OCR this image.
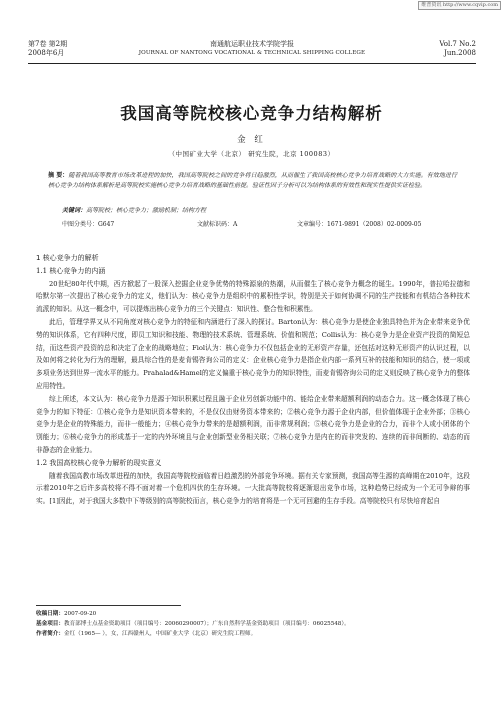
维普资讯 http://www.cqvip.com
第7卷 第2期
2008年6月
南通航运职业技术学院学报
JOURNAL OF NANTONG VOCATIONAL & TECHNICAL SHIPPING COLLEGE
Vol.7 No.2
Jun.2008
我国高等院校核心竞争力结构解析
金 红
（中国矿业大学（北京） 研究生院，北京 100083）
摘 要：随着我国高等教育市场改革进程的加快，我国高等院校之间的竞争将日趋激烈，从而催生了我国高校核心竞争力培育战略的大力实施。有效地进行核心竞争力结构体系解析是高等院校实施核心竞争力培育战略的基础性前提。验证性因子分析可以为结构体系的有效性和现实性提供实证检验。
关键词：高等院校；核心竞争力；激励机制；结构方程
中图分类号：G647	文献标识码：A	文章编号：1671-9891（2008）02-0009-05

1 核心竞争力的解析

1.1 核心竞争力的内涵

20世纪80年代中期，西方掀起了一股深入挖掘企业竞争优势的特殊源泉的热潮，从而催生了核心竞争力概念的诞生。1990年，普拉哈拉德和哈默尔第一次提出了核心竞争力的定义，他们认为：核心竞争力是组织中的累积性学识，特别是关于如何协调不同的生产技能和有机结合各种技术流派的知识。从这一概念中，可以提炼出核心竞争力的三个关键点：知识性、整合性和积累性。

此后，管理学界又从不同角度对核心竞争力的特征和内涵进行了深入的探讨。Barton认为：核心竞争力是使企业独具特色并为企业带来竞争优势的知识体系，它有四种尺度，即员工知识和技能、物理的技术系统、管理系统、价值和规范；Collis认为：核心竞争力是企业资产投资的简短总结，而这些资产投资的总和决定了企业的战略地位；Fiol认为：核心竞争力不仅包括企业的无形资产存量，还包括对这种无形资产的认识过程，以及如何将之转化为行为的理解，最具综合性的是麦肯锡咨询公司的定义：企业核心竞争力是指企业内部一系列互补的技能和知识的结合，使一项或多项业务达到世界一流水平的能力。Prahalad&Hamel的定义偏重于核心竞争力的知识特性，而麦肯锡咨询公司的定义则反映了核心竞争力的整体应用特性。

综上所述，本文认为：核心竞争力是源于知识积累过程且融于企业另创新功能中的、能给企业带来超额利润的动态合力。这一概念体现了核心竞争力的如下特征：①核心竞争力是知识资本带来的，不是仅仅由财务资本带来的；②核心竞争力源于企业内部，但价值体现于企业外部；③核心竞争力是企业的特殊能力，而非一般能力；④核心竞争力带来的是超额利润，而非常规利润；⑤核心竞争力是企业的合力，而非个人或小团体的个别能力；⑥核心竞争力的形成基于一定的内外环境且与企业创新型业务相关联；⑦核心竞争力是内在的而非突发的、连续的而非间断的、动态的而非静态的企业能力。

1.2 我国高校核心竞争力解析的现实意义

随着我国高教市场改革进程的加快，我国高等院校面临着日趋激烈的外部竞争环境。据有关专家预测，我国高等生源的高峰期在2010年，这段示着2010年之后许多高校将不得不面对着一个危机四伏的生存环境。一大批高等院校将逐渐退出竞争市场，这种趋势已经成为一个无可争辩的事实。[1]因此，对于我国大多数中下等级别的高等院校而言，核心竞争力的培育将是一个无可回避的生存手段。高等院校只有尽快培育起自

收稿日期：2007-09-20
基金项目：教育部博士点基金资助项目（项目编号：20060290007）；广东自然科学基金资助项目（项目编号：06025548）。
作者简介：金红（1965— ），女，江西赣州人，中国矿业大学（北京）研究生院工程师。
